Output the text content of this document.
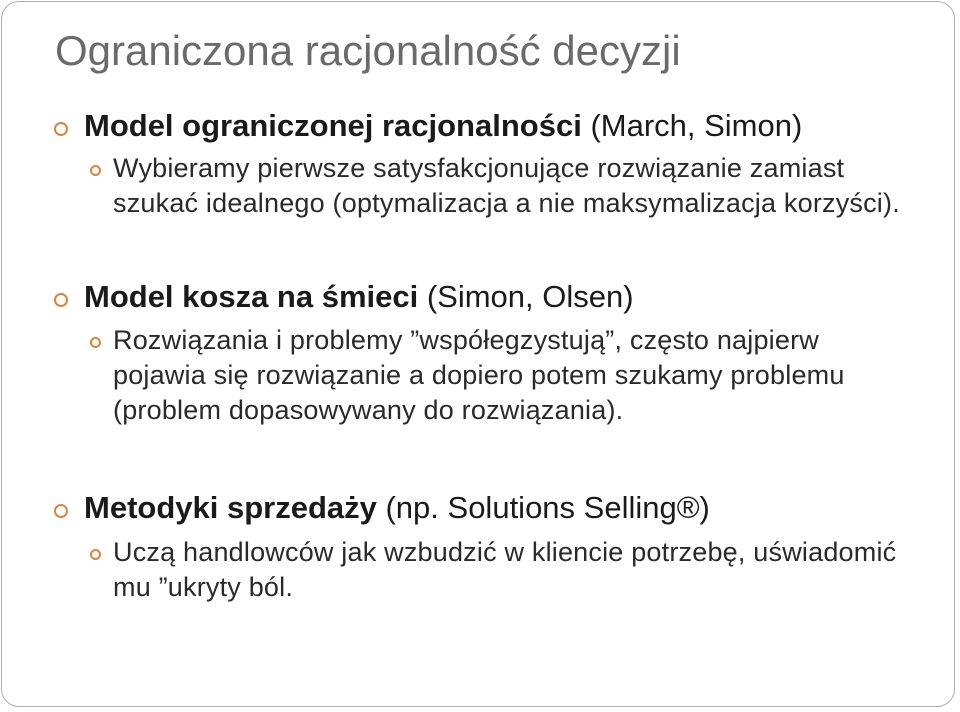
Ograniczona racjonalność decyzji
Model ograniczonej racjonalności (March, Simon)
Wybieramy pierwsze satysfakcjonujące rozwiązanie zamiast szukać idealnego (optymalizacja a nie maksymalizacja korzyści).
Model kosza na śmieci (Simon, Olsen)
Rozwiązania i problemy ”współegzystują”, często najpierw pojawia się rozwiązanie a dopiero potem szukamy problemu (problem dopasowywany do rozwiązania).
Metodyki sprzedaży (np. Solutions Selling®)
Uczą handlowców jak wzbudzić w kliencie potrzebę, uświadomić mu ”ukryty ból.
